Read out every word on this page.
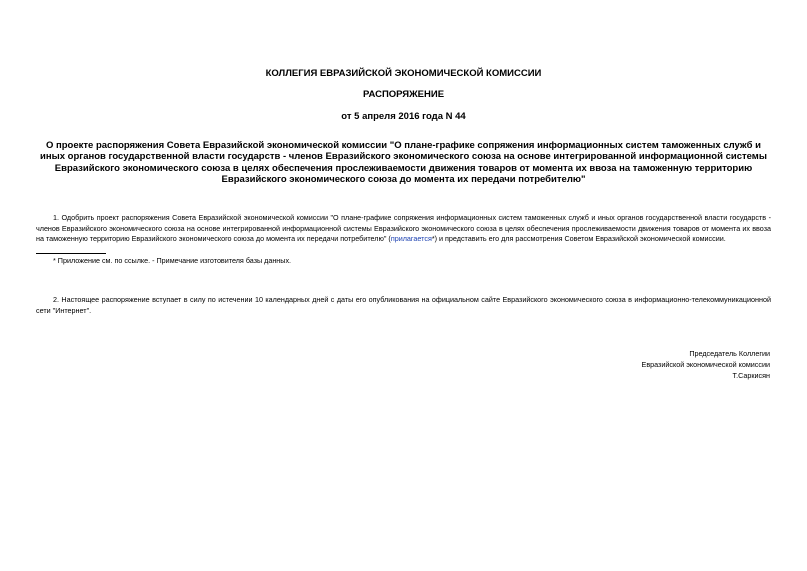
КОЛЛЕГИЯ ЕВРАЗИЙСКОЙ ЭКОНОМИЧЕСКОЙ КОМИССИИ
РАСПОРЯЖЕНИЕ
от 5 апреля 2016 года N 44
О проекте распоряжения Совета Евразийской экономической комиссии "О плане-графике сопряжения информационных систем таможенных служб и иных органов государственной власти государств - членов Евразийского экономического союза на основе интегрированной информационной системы Евразийского экономического союза в целях обеспечения прослеживаемости движения товаров от момента их ввоза на таможенную территорию Евразийского экономического союза до момента их передачи потребителю"
1. Одобрить проект распоряжения Совета Евразийской экономической комиссии "О плане-графике сопряжения информационных систем таможенных служб и иных органов государственной власти государств - членов Евразийского экономического союза на основе интегрированной информационной системы Евразийского экономического союза в целях обеспечения прослеживаемости движения товаров от момента их ввоза на таможенную территорию Евразийского экономического союза до момента их передачи потребителю" (прилагается*) и представить его для рассмотрения Советом Евразийской экономической комиссии.
* Приложение см. по ссылке. - Примечание изготовителя базы данных.
2. Настоящее распоряжение вступает в силу по истечении 10 календарных дней с даты его опубликования на официальном сайте Евразийского экономического союза в информационно-телекоммуникационной сети "Интернет".
Председатель Коллегии
Евразийской экономической комиссии
Т.Саркисян
